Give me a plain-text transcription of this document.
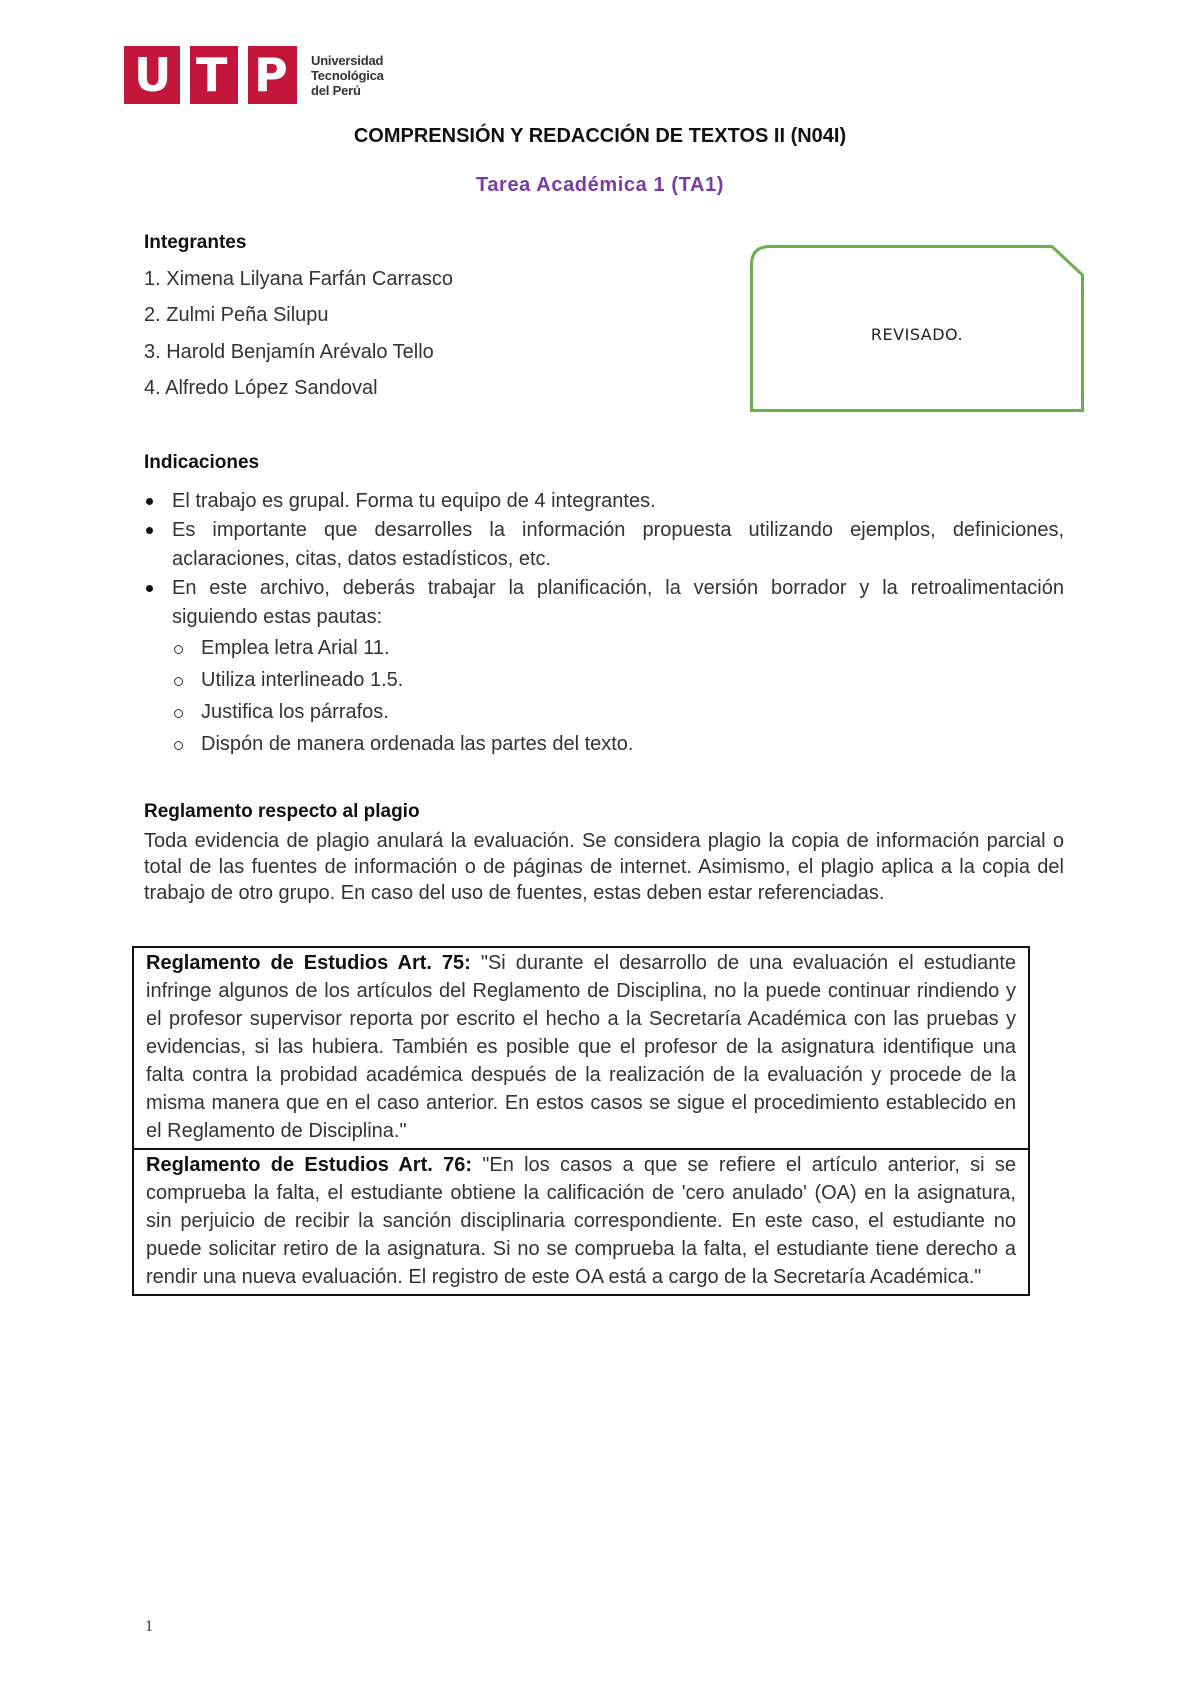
U T P Universidad
Tecnológica
del Perú
COMPRENSIÓN Y REDACCIÓN DE TEXTOS II (N04I)
Tarea Académica 1 (TA1)
Integrantes
1. Ximena Lilyana Farfán Carrasco
2. Zulmi Peña Silupu
3. Harold Benjamín Arévalo Tello
4. Alfredo López Sandoval
REVISADO.
Indicaciones
El trabajo es grupal. Forma tu equipo de 4 integrantes.
Es importante que desarrolles la información propuesta utilizando ejemplos, definiciones, aclaraciones, citas, datos estadísticos, etc.
En este archivo, deberás trabajar la planificación, la versión borrador y la retroalimentación siguiendo estas pautas:
Emplea letra Arial 11.
Utiliza interlineado 1.5.
Justifica los párrafos.
Dispón de manera ordenada las partes del texto.
Reglamento respecto al plagio
Toda evidencia de plagio anulará la evaluación. Se considera plagio la copia de información parcial o total de las fuentes de información o de páginas de internet. Asimismo, el plagio aplica a la copia del trabajo de otro grupo. En caso del uso de fuentes, estas deben estar referenciadas.
Reglamento de Estudios Art. 75: "Si durante el desarrollo de una evaluación el estudiante infringe algunos de los artículos del Reglamento de Disciplina, no la puede continuar rindiendo y el profesor supervisor reporta por escrito el hecho a la Secretaría Académica con las pruebas y evidencias, si las hubiera. También es posible que el profesor de la asignatura identifique una falta contra la probidad académica después de la realización de la evaluación y procede de la misma manera que en el caso anterior. En estos casos se sigue el procedimiento establecido en el Reglamento de Disciplina."
Reglamento de Estudios Art. 76: "En los casos a que se refiere el artículo anterior, si se comprueba la falta, el estudiante obtiene la calificación de 'cero anulado' (OA) en la asignatura, sin perjuicio de recibir la sanción disciplinaria correspondiente. En este caso, el estudiante no puede solicitar retiro de la asignatura. Si no se comprueba la falta, el estudiante tiene derecho a rendir una nueva evaluación. El registro de este OA está a cargo de la Secretaría Académica."
1
